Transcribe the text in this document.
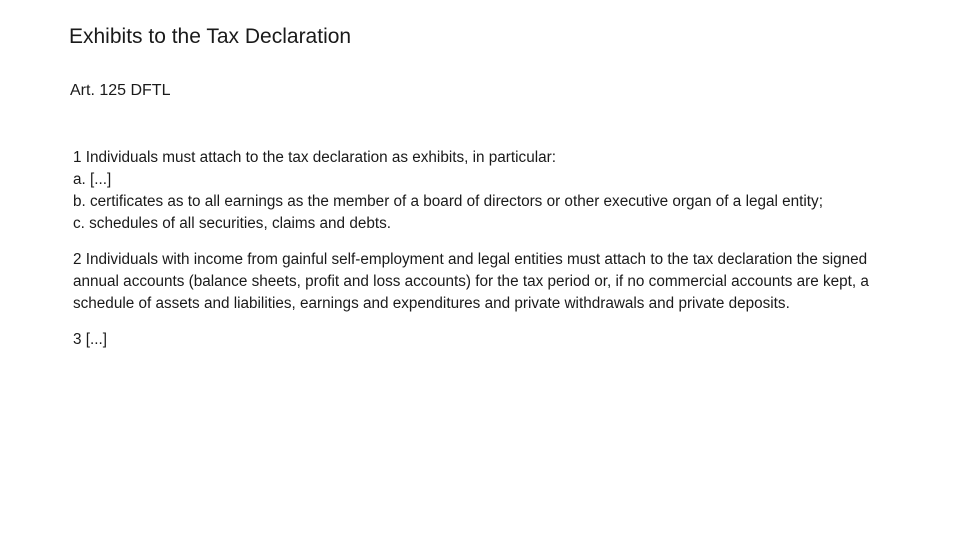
Exhibits to the Tax Declaration
Art. 125 DFTL
1 Individuals must attach to the tax declaration as exhibits, in particular:
a. [...]
b. certificates as to all earnings as the member of a board of directors or other executive organ of a legal entity;
c. schedules of all securities, claims and debts.
2 Individuals with income from gainful self-employment and legal entities must attach to the tax declaration the signed annual accounts (balance sheets, profit and loss accounts) for the tax period or, if no commercial accounts are kept, a schedule of assets and liabilities, earnings and expenditures and private withdrawals and private deposits.
3 [...]
